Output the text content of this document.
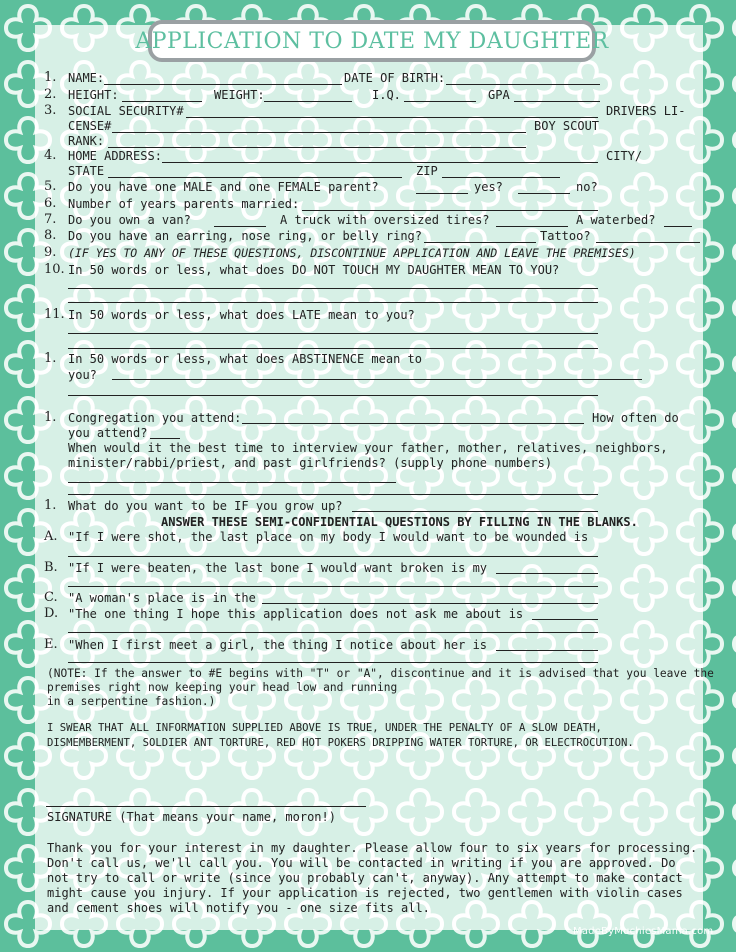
APPLICATION TO DATE MY DAUGHTER
1. NAME:	DATE OF BIRTH:
2. HEIGHT:	WEIGHT:	I.Q.	GPA
3. SOCIAL SECURITY#	DRIVERS LI-
CENSE#	BOY SCOUT
RANK:
4. HOME ADDRESS:	CITY/
STATE	ZIP
5. Do you have one MALE and one FEMALE parent?	yes?	no?
6. Number of years parents married:
7. Do you own a van?	A truck with oversized tires?	A waterbed?
8. Do you have an earring, nose ring, or belly ring?	Tattoo?
9. (IF YES TO ANY OF THESE QUESTIONS, DISCONTINUE APPLICATION AND LEAVE THE PREMISES)
10. In 50 words or less, what does DO NOT TOUCH MY DAUGHTER MEAN TO YOU?
11. In 50 words or less, what does LATE mean to you?
1. In 50 words or less, what does ABSTINENCE mean to
you?
1. Congregation you attend:	How often do
you attend?
When would it the best time to interview your father, mother, relatives, neighbors,
minister/rabbi/priest, and past girlfriends? (supply phone numbers)
1. What do you want to be IF you grow up?
ANSWER THESE SEMI-CONFIDENTIAL QUESTIONS BY FILLING IN THE BLANKS.
A. "If I were shot, the last place on my body I would want to be wounded is
B. "If I were beaten, the last bone I would want broken is my
C. "A woman's place is in the
D. "The one thing I hope this application does not ask me about is
E. "When I first meet a girl, the thing I notice about her is
(NOTE: If the answer to #E begins with "T" or "A", discontinue and it is advised that you leave the
premises right now keeping your head low and running
in a serpentine fashion.)
I SWEAR THAT ALL INFORMATION SUPPLIED ABOVE IS TRUE, UNDER THE PENALTY OF A SLOW DEATH,
DISMEMBERMENT, SOLDIER ANT TORTURE, RED HOT POKERS DRIPPING WATER TORTURE, OR ELECTROCUTION.
SIGNATURE (That means your name, moron!)
Thank you for your interest in my daughter. Please allow four to six years for processing.
Don't call us, we'll call you. You will be contacted in writing if you are approved. Do
not try to call or write (since you probably can't, anyway). Any attempt to make contact
might cause you injury. If your application is rejected, two gentlemen with violin cases
and cement shoes will notify you - one size fits all.
MadeByMuchiesMama.com
